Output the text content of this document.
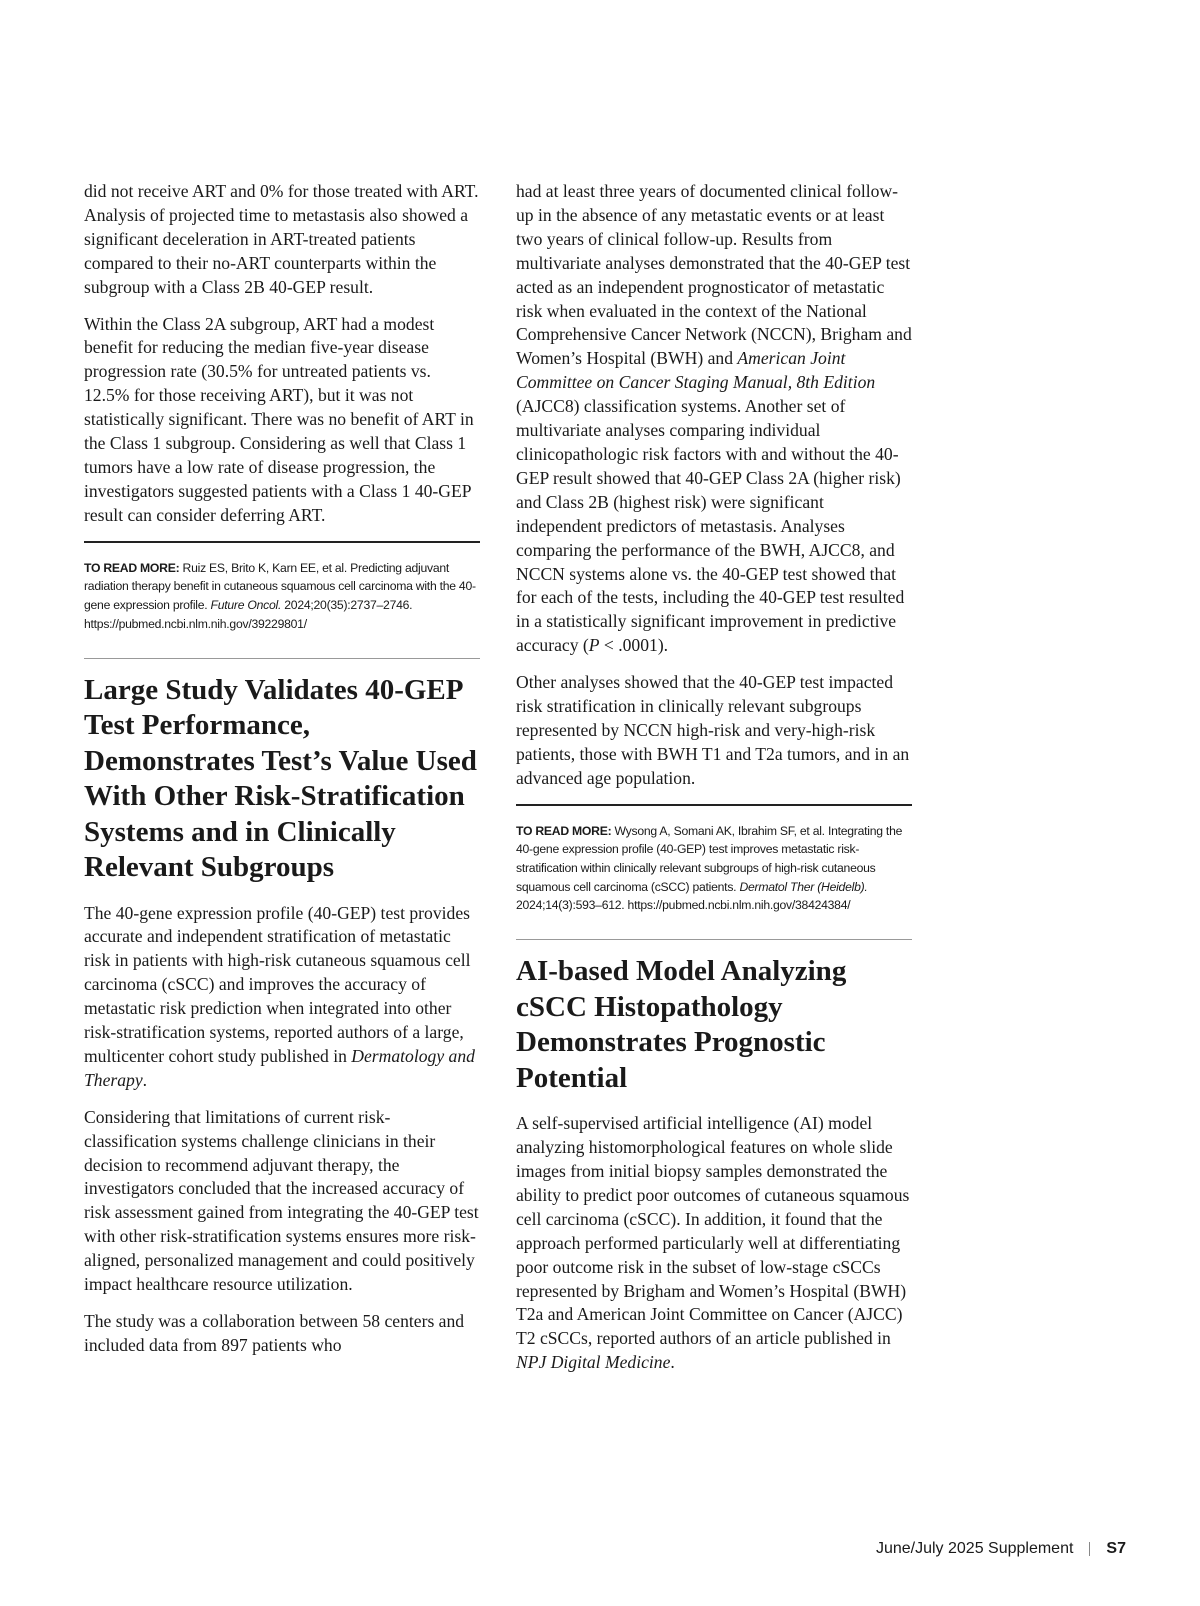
did not receive ART and 0% for those treated with ART. Analysis of projected time to metastasis also showed a significant deceleration in ART-treated patients compared to their no-ART counterparts within the subgroup with a Class 2B 40-GEP result.

Within the Class 2A subgroup, ART had a modest benefit for reducing the median five-year disease progression rate (30.5% for untreated patients vs. 12.5% for those receiving ART), but it was not statistically significant. There was no benefit of ART in the Class 1 subgroup. Considering as well that Class 1 tumors have a low rate of disease progression, the investigators suggested patients with a Class 1 40-GEP result can consider deferring ART.

TO READ MORE: Ruiz ES, Brito K, Karn EE, et al. Predicting adjuvant radiation therapy benefit in cutaneous squamous cell carcinoma with the 40-gene expression profile. Future Oncol. 2024;20(35):2737–2746. https://pubmed.ncbi.nlm.nih.gov/39229801/

Large Study Validates 40-GEP Test Performance, Demonstrates Test’s Value Used With Other Risk-Stratification Systems and in Clinically Relevant Subgroups

The 40-gene expression profile (40-GEP) test provides accurate and independent stratification of metastatic risk in patients with high-risk cutaneous squamous cell carcinoma (cSCC) and improves the accuracy of metastatic risk prediction when integrated into other risk-stratification systems, reported authors of a large, multicenter cohort study published in Dermatology and Therapy.

Considering that limitations of current risk-classification systems challenge clinicians in their decision to recommend adjuvant therapy, the investigators concluded that the increased accuracy of risk assessment gained from integrating the 40-GEP test with other risk-stratification systems ensures more risk-aligned, personalized management and could positively impact healthcare resource utilization.

The study was a collaboration between 58 centers and included data from 897 patients who

had at least three years of documented clinical follow-up in the absence of any metastatic events or at least two years of clinical follow-up. Results from multivariate analyses demonstrated that the 40-GEP test acted as an independent prognosticator of metastatic risk when evaluated in the context of the National Comprehensive Cancer Network (NCCN), Brigham and Women’s Hospital (BWH) and American Joint Committee on Cancer Staging Manual, 8th Edition (AJCC8) classification systems. Another set of multivariate analyses comparing individual clinicopathologic risk factors with and without the 40-GEP result showed that 40-GEP Class 2A (higher risk) and Class 2B (highest risk) were significant independent predictors of metastasis. Analyses comparing the performance of the BWH, AJCC8, and NCCN systems alone vs. the 40-GEP test showed that for each of the tests, including the 40-GEP test resulted in a statistically significant improvement in predictive accuracy (P < .0001).

Other analyses showed that the 40-GEP test impacted risk stratification in clinically relevant subgroups represented by NCCN high-risk and very-high-risk patients, those with BWH T1 and T2a tumors, and in an advanced age population.

TO READ MORE: Wysong A, Somani AK, Ibrahim SF, et al. Integrating the 40-gene expression profile (40-GEP) test improves metastatic risk-stratification within clinically relevant subgroups of high-risk cutaneous squamous cell carcinoma (cSCC) patients. Dermatol Ther (Heidelb). 2024;14(3):593–612. https://pubmed.ncbi.nlm.nih.gov/38424384/

AI-based Model Analyzing cSCC Histopathology Demonstrates Prognostic Potential

A self-supervised artificial intelligence (AI) model analyzing histomorphological features on whole slide images from initial biopsy samples demonstrated the ability to predict poor outcomes of cutaneous squamous cell carcinoma (cSCC). In addition, it found that the approach performed particularly well at differentiating poor outcome risk in the subset of low-stage cSCCs represented by Brigham and Women’s Hospital (BWH) T2a and American Joint Committee on Cancer (AJCC) T2 cSCCs, reported authors of an article published in NPJ Digital Medicine.

June/July 2025 Supplement S7
